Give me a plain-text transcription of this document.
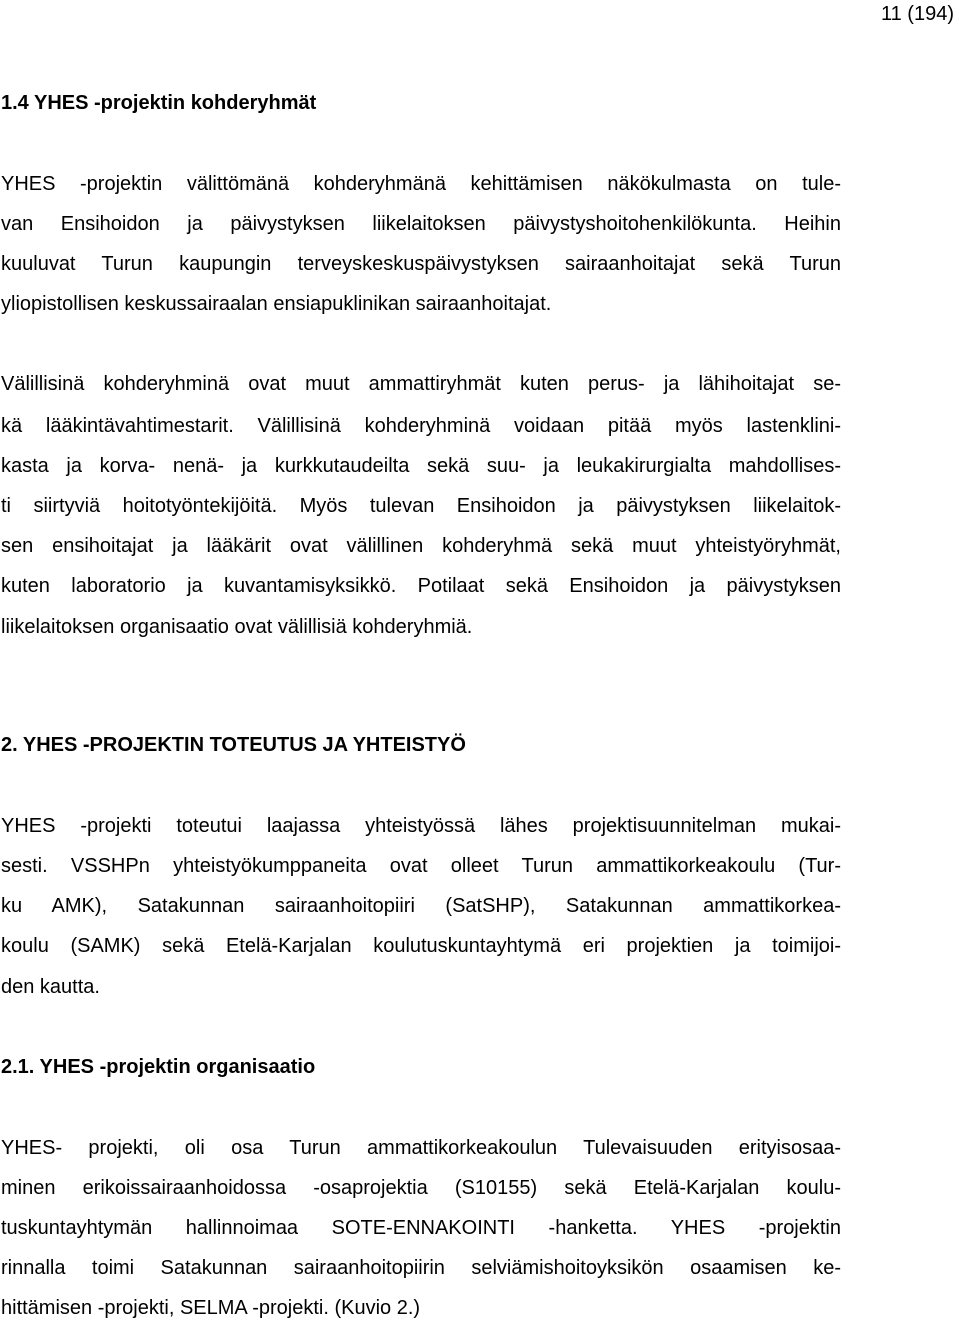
11 (194)
1.4 YHES -projektin kohderyhmät
YHES -projektin välittömänä kohderyhmänä kehittämisen näkökulmasta on tule-
van Ensihoidon ja päivystyksen liikelaitoksen päivystyshoitohenkilökunta. Heihin
kuuluvat Turun kaupungin terveyskeskuspäivystyksen sairaanhoitajat sekä Turun
yliopistollisen keskussairaalan ensiapuklinikan sairaanhoitajat.
Välillisinä kohderyhminä ovat muut ammattiryhmät kuten perus- ja lähihoitajat se-
kä lääkintävahtimestarit. Välillisinä kohderyhminä voidaan pitää myös lastenklini-
kasta ja korva- nenä- ja kurkkutaudeilta sekä suu- ja leukakirurgialta mahdollises-
ti siirtyviä hoitotyöntekijöitä. Myös tulevan Ensihoidon ja päivystyksen liikelaitok-
sen ensihoitajat ja lääkärit ovat välillinen kohderyhmä sekä muut yhteistyöryhmät,
kuten laboratorio ja kuvantamisyksikkö. Potilaat sekä Ensihoidon ja päivystyksen
liikelaitoksen organisaatio ovat välillisiä kohderyhmiä.
2. YHES -PROJEKTIN TOTEUTUS JA YHTEISTYÖ
YHES -projekti toteutui laajassa yhteistyössä lähes projektisuunnitelman mukai-
sesti. VSSHPn yhteistyökumppaneita ovat olleet Turun ammattikorkeakoulu (Tur-
ku AMK), Satakunnan sairaanhoitopiiri (SatSHP), Satakunnan ammattikorkea-
koulu (SAMK) sekä Etelä-Karjalan koulutuskuntayhtymä eri projektien ja toimijoi-
den kautta.
2.1. YHES -projektin organisaatio
YHES- projekti, oli osa Turun ammattikorkeakoulun Tulevaisuuden erityisosaa-
minen erikoissairaanhoidossa -osaprojektia (S10155) sekä Etelä-Karjalan koulu-
tuskuntayhtymän hallinnoimaa SOTE-ENNAKOINTI -hanketta. YHES -projektin
rinnalla toimi Satakunnan sairaanhoitopiirin selviämishoitoyksikön osaamisen ke-
hittämisen -projekti, SELMA -projekti. (Kuvio 2.)
